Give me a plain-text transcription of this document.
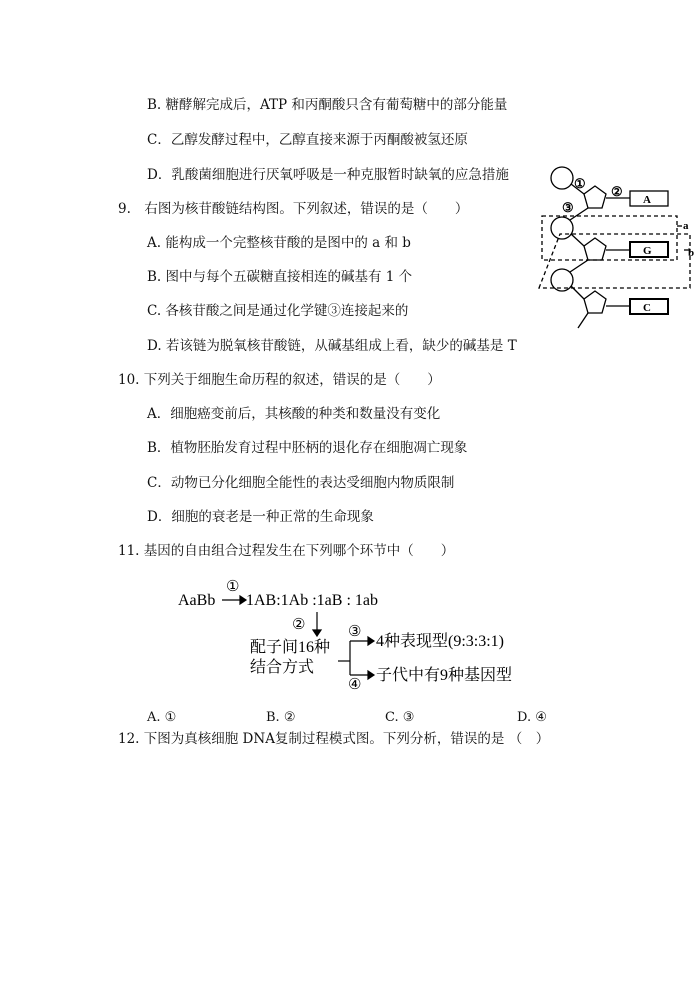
B. 糖酵解完成后，ATP 和丙酮酸只含有葡萄糖中的部分能量
C．乙醇发酵过程中，乙醇直接来源于丙酮酸被氢还原
D．乳酸菌细胞进行厌氧呼吸是一种克服暂时缺氧的应急措施
9.　右图为核苷酸链结构图。下列叙述，错误的是（　　）
A. 能构成一个完整核苷酸的是图中的 a 和 b
B. 图中与每个五碳糖直接相连的碱基有 1 个
C. 各核苷酸之间是通过化学键③连接起来的
D. 若该链为脱氧核苷酸链，从碱基组成上看，缺少的碱基是 T
①
②
③	A
G
C
a
b
10. 下列关于细胞生命历程的叙述，错误的是（　　）
A．细胞癌变前后，其核酸的种类和数量没有变化
B．植物胚胎发育过程中胚柄的退化存在细胞凋亡现象
C．动物已分化细胞全能性的表达受细胞内物质限制
D．细胞的衰老是一种正常的生命现象
11. 基因的自由组合过程发生在下列哪个环节中（　　）
AaBb
①
1AB:1Ab :1aB : 1ab
②
配子间16种
结合方式
③
4种表现型(9:3:3:1)
④
子代中有9种基因型
A. ①	B. ②	C. ③	D. ④
12. 下图为真核细胞 DNA复制过程模式图。下列分析，错误的是 （　）
